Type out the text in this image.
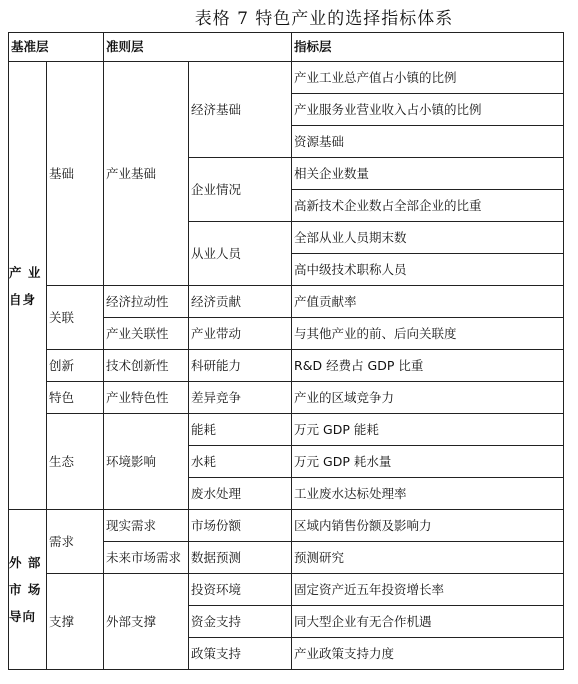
表格 7 特色产业的选择指标体系
基准层		准则层		指标层
产 业 自身	基础	产业基础	经济基础	产业工业总产值占小镇的比例
				产业服务业营业收入占小镇的比例
				资源基础
			企业情况	相关企业数量
				高新技术企业数占全部企业的比重
			从业人员	全部从业人员期末数
				高中级技术职称人员
	关联	经济拉动性	经济贡献	产值贡献率
		产业关联性	产业带动	与其他产业的前、后向关联度
	创新	技术创新性	科研能力	R&D 经费占 GDP 比重
	特色	产业特色性	差异竞争	产业的区域竞争力
	生态	环境影响	能耗	万元 GDP 能耗
			水耗	万元 GDP 耗水量
			废水处理	工业废水达标处理率
外 部 市 场 导向	需求	现实需求	市场份额	区域内销售份额及影响力
		未来市场需求	数据预测	预测研究
	支撑	外部支撑	投资环境	固定资产近五年投资增长率
			资金支持	同大型企业有无合作机遇
			政策支持	产业政策支持力度
